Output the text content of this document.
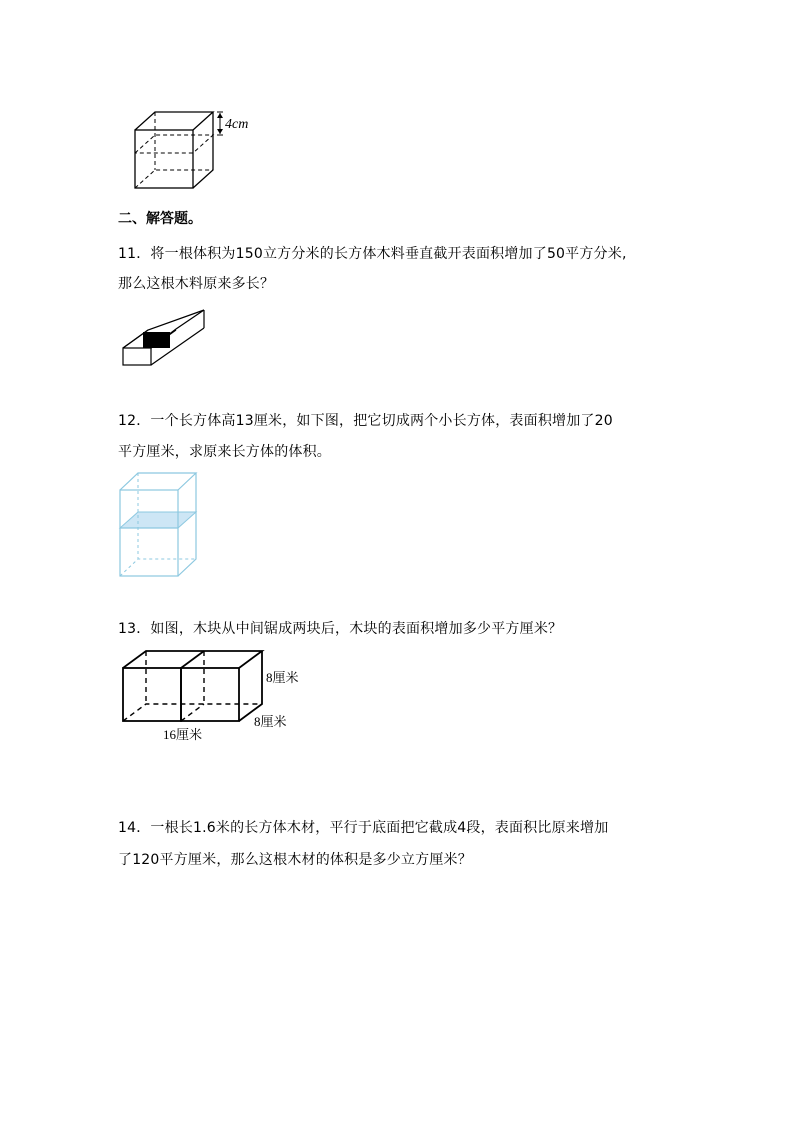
4cm
二、解答题。
11．将一根体积为150立方分米的长方体木料垂直截开表面积增加了50平方分米,
那么这根木料原来多长？
12．一个长方体高13厘米，如下图，把它切成两个小长方体，表面积增加了20
平方厘米，求原来长方体的体积。
13．如图，木块从中间锯成两块后，木块的表面积增加多少平方厘米？
8厘米
8厘米
16厘米
14．一根长1.6米的长方体木材，平行于底面把它截成4段，表面积比原来增加
了120平方厘米，那么这根木材的体积是多少立方厘米？
